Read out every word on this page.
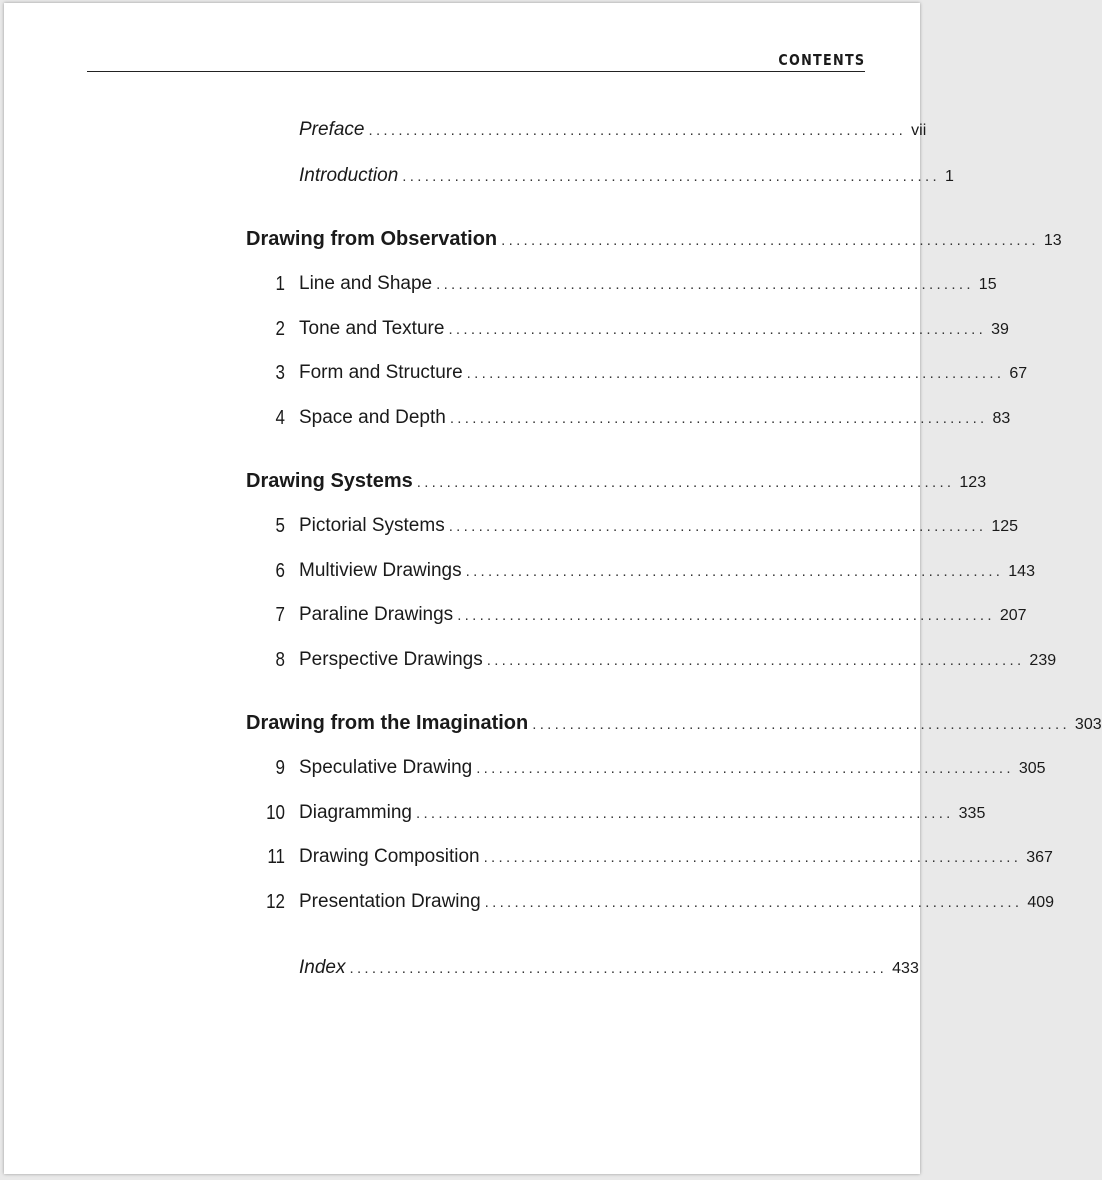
CONTENTS
Preface ........................................................................ vii
Introduction ........................................................................ 1
Drawing from Observation ........................................................................ 13
1 Line and Shape ........................................................................ 15
2 Tone and Texture ........................................................................ 39
3 Form and Structure ........................................................................ 67
4 Space and Depth ........................................................................ 83
Drawing Systems ........................................................................ 123
5 Pictorial Systems ........................................................................ 125
6 Multiview Drawings ........................................................................ 143
7 Paraline Drawings ........................................................................ 207
8 Perspective Drawings ........................................................................ 239
Drawing from the Imagination ........................................................................ 303
9 Speculative Drawing ........................................................................ 305
10 Diagramming ........................................................................ 335
11 Drawing Composition ........................................................................ 367
12 Presentation Drawing ........................................................................ 409
Index ........................................................................ 433
